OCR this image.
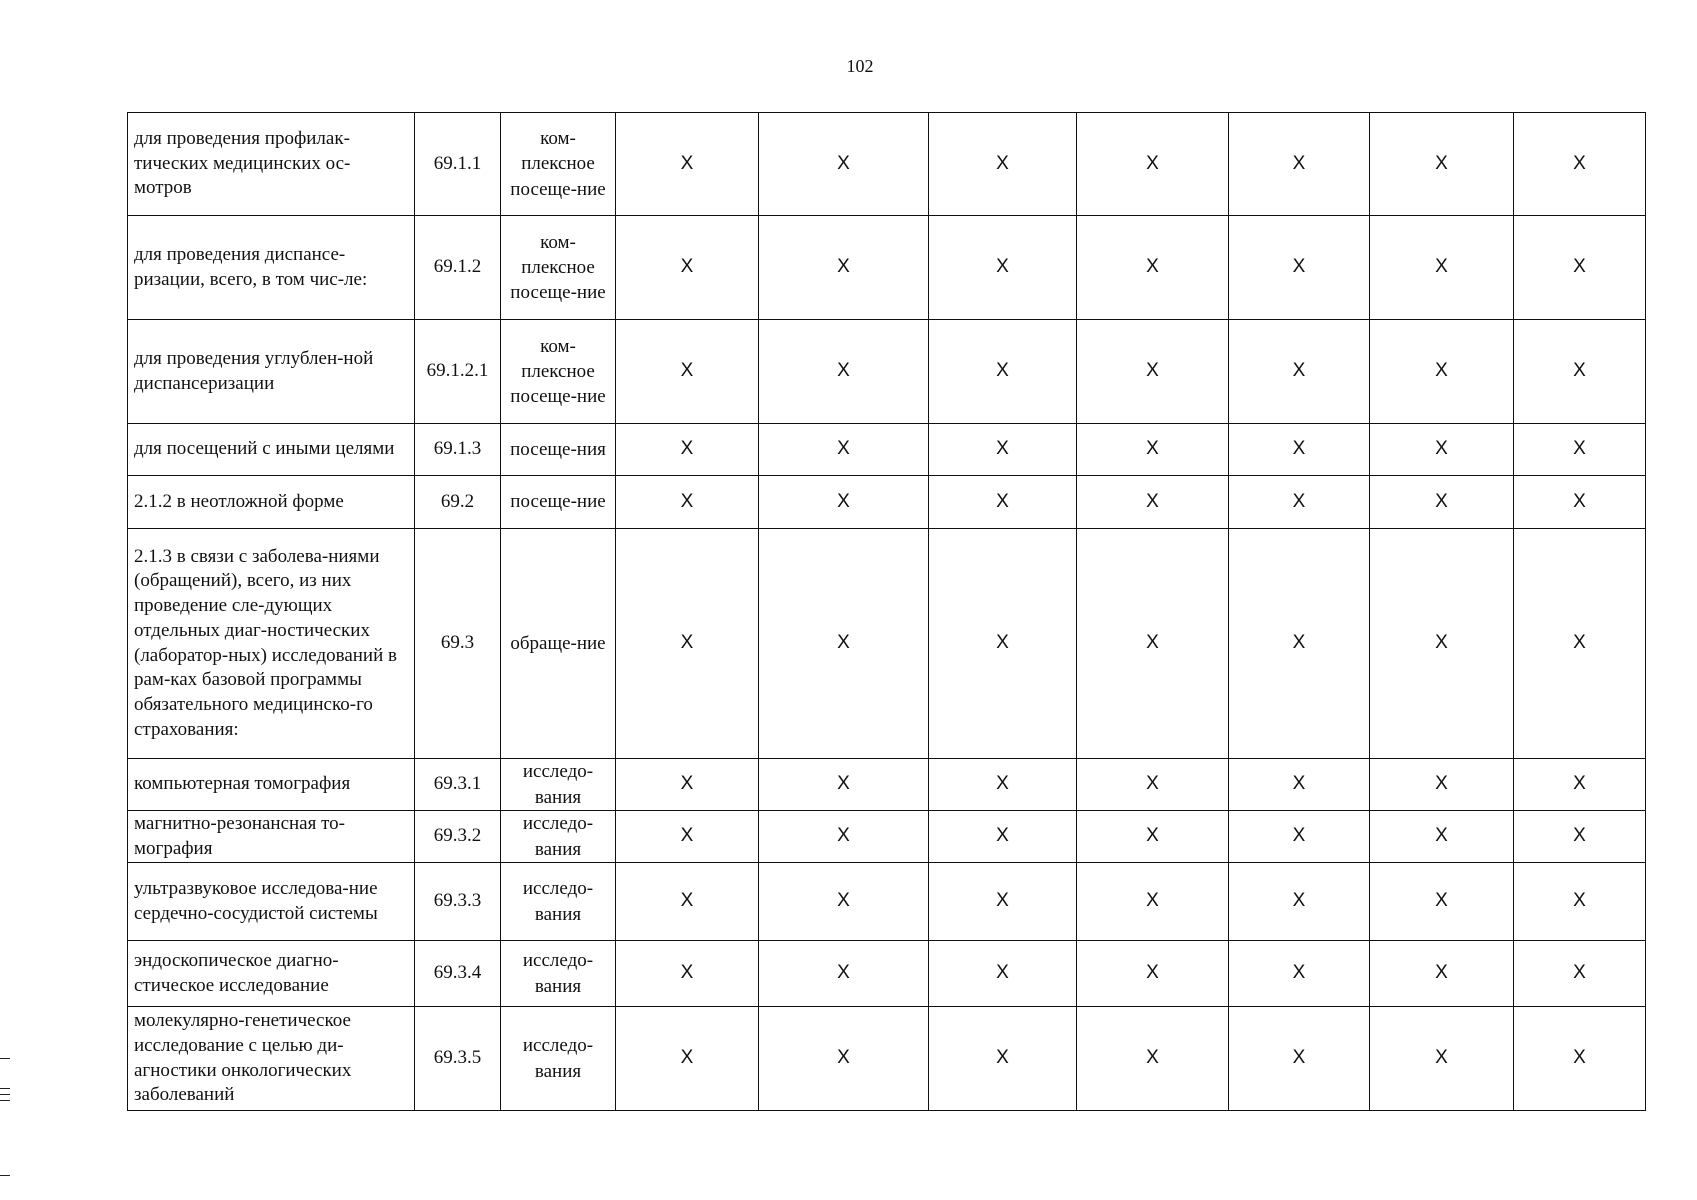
102
для проведения профилак-тических медицинских ос-мотров	69.1.1	ком-плексное посеще-ние	Х	Х	Х	Х	Х	Х	Х
для проведения диспансе-ризации, всего, в том чис-ле:	69.1.2	ком-плексное посеще-ние	Х	Х	Х	Х	Х	Х	Х
для проведения углублен-ной диспансеризации	69.1.2.1	ком-плексное посеще-ние	Х	Х	Х	Х	Х	Х	Х
для посещений с иными целями	69.1.3	посеще-ния	Х	Х	Х	Х	Х	Х	Х
2.1.2 в неотложной форме	69.2	посеще-ние	Х	Х	Х	Х	Х	Х	Х
2.1.3 в связи с заболева-ниями (обращений), всего, из них проведение сле-дующих отдельных диаг-ностических (лаборатор-ных) исследований в рам-ках базовой программы обязательного медицинско-го страхования:	69.3	обраще-ние	Х	Х	Х	Х	Х	Х	Х
компьютерная томография	69.3.1	исследо-вания	Х	Х	Х	Х	Х	Х	Х
магнитно-резонансная то-мография	69.3.2	исследо-вания	Х	Х	Х	Х	Х	Х	Х
ультразвуковое исследова-ние сердечно-сосудистой системы	69.3.3	исследо-вания	Х	Х	Х	Х	Х	Х	Х
эндоскопическое диагно-стическое исследование	69.3.4	исследо-вания	Х	Х	Х	Х	Х	Х	Х
молекулярно-генетическое исследование с целью ди-агностики онкологических заболеваний	69.3.5	исследо-вания	Х	Х	Х	Х	Х	Х	Х
